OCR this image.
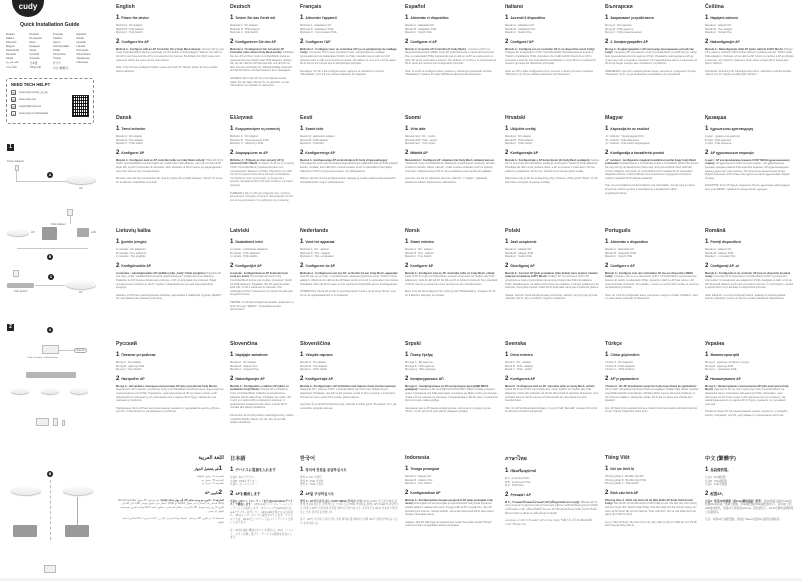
cudy
Quick Installation Guide
English	Deutsch	Français	Español
Italiano	Български	Čeština	Dansk
Ελληνικά	Eesti	Suomi	Hrvatski
Magyar	Қазақша	Lietuvių kalba	Latviski
Nederlands	Norsk	Polski	Português
Română	Русский	Slovenčina	Slovenščina
Srpski	Svenska	Türkçe	Українська
اللغة العربية	日本語	한국어	Indonesia
ภาษาไทย	Tiếng Việt	中文 (繁體字)
NEED TECH HELP?
✉	www.cudy.com/qr_cg_ap
◍	www.cudy.com
✉	support@cudy.com
⇩	www.cudy.com/download
1
Power Adapter
A
AP
PoE Adapter
AP	LAN
B
PoE Switch
C
AP
2	A
Cudy Controller or Mesh Router
Internet
B
English
1 Power the device
Method A : DC Adapter
Method B : PoE Adapter
Method C : PoE Switch
2 Configure the AP
Method A : Configure with an AP Controller (Or a Cudy Mesh device): Connect AP to your Cudy Controller/Mesh Device (optionally via the Switch or PoE Adapter). Wait for the LED on the AP to turn blue and the AP is connected to the internet. By default, the Wi-Fi name and password will be the same as the main device.
Note: If the AP was configured before, press and hold the "Reset" button for 2s to enable device adoption.
Deutsch
1 Setzen Sie das Gerät mit
Methode A : DC Adapter
Methode B : POE Adapter
Methode C : PoE Switch
2 Konfigurieren Sie den AP
Methode A : Konfigurieren Sie mit einem AP Controller (oder einem Cudy Mesh-Gerät): Schließen Sie den AP an Ihren Cudy Controller/Mesh-Gerät an (optional über den Switch oder POE Adapter). Warten Sie, bis die LED am AP blau leuchtet und der AP mit dem Internet verbunden ist. Standardmäßig entspricht der WLAN-Name und das Passwort dem Hauptgerät.
HINWEIS: Wenn der AP zuvor konfiguriert wurde, halten Sie die Taste "Reset" für 2s gedrückt, um die Übernahme von Geräten zu aktivieren.
Français
1 Alimenter l'appareil
Méthode A : Adaptateur DC
Méthode B : Adaptateur POE
Méthode C : Commutateur POE
2 Configurez l'AP
Méthode A : Configurer avec un contrôleur AP (ou un périphérique de maillage Cudy): Connectez l'AP à votre contrôleur Cudy / périphérique de maillage (éventuellement via l'adaptateur Switch ou PoE). Attendez que le LED sur l'AP devienne bleu et l'AP est connecté à Internet. Par défaut, le nom et le mot de passe Wi-Fi seront les mêmes que le périphérique principal.
Remarque: Si l'AP a été configuré avant, appuyez et maintenez le bouton "Réinitialiser" pour 2S pour activer l'adoption de l'appareil.
Español
1 Alimentar el dispositivo
Método A : Adaptador DC
Método B : Adaptador POE
Método C : Switch PoE
2 Configurar el AP
Método A: Conectar AP Controller (O Cudy Mesh) : Conecte el AP a su dispositivo/dispositivo MESH Cudy AP (opcionalmente a través del interruptor Poe o el adaptador POE). Esperando que el LED en el AP se vuelva azul, en decir, AP se ha conectado a Internet. Por defecto, el nombre y la contraseña de Wi-Fi serán los mismos que el dispositivo principal.
Nota: Si el AP se configuró antes, presione y mantenga presionado el botón "Restablecer" durante 2S para habilitar la adopción del dispositivo.
Italiano
1 Accendi il dispositivo
Metodo A : Adattatore DC
Metodo B : Adattatore Poe
Metodo C : Switch Poe
2 Configura l'AP
Metodo A : Configura con un controller AP (o un dispositivo mesh Cudy): Collega l'AP al dispositivo CUDY Controller/Mesh (facoltativamente tramite lo "Switch o l'adattatore POE). Attendere che il LED sull'AP diventi blu e l'AP è connesso a Internet. Per impostazione predefinita, il nome Wi-Fi e la password saranno gli stessi del dispositivo principale.
Nota: se l'AP è stato configurato prima, premere e tenere premuto il pulsante "Ripristina" per 2S per abilitare l'adozione del dispositivo.
Български
1 Захранване устройството
Метод A : DC адаптер
Метод B : POE адаптер
Метод C : POE превключвател
2 2. Конфигурирайте AP
Метод A : Конфигурирайте с AP контролер (или мрежово устройство Cudy): Свържете AP към вашето Cudy Controller/Mesh устройство (по избор чрез превключвателя или адаптер POE). Изчакайте светодиода на AP да стане син и AP е свързан с интернет. По подразбиране името и паролата на Wi-Fi ще бъдат същите като основното устройство.
ЗАБЕЛЕЖКА: Ако AP е конфигуриран преди, натиснете и задръжте бутона "Нулиране" за 2s, за да активирате приемането на устройство.
Čeština
1 Napájení zařízení
Metoda A : adaptér DC
Metoda B : Poe adaptér
Metoda C : Spínač Poe
2 Nakonfigurujte AP
Metoda A : Nakonfigurujte řadič AP (nebo zařízení CUDY Mesh): Připojte AP k vašemu zařízení CUDY/vášné zařízení (volitelně pomocí "Switch nebo PoE adaptéru). Počkejte, až se LED na AP změní na modrou a AP je připojen k internetu. Ve výchozím nastavení bude název a heslo Wi-Fi stejné jako hlavní zařízení.
Poznámka: Pokud byl AP nakonfigurován dříve, stiskněte a podržte tlačítko „Reset" pro 2S, abyste povolili přijetí zařízení.
Dansk
1 Tænd enheden
Metode A : DC adapter
Metode B : Poe adapter
Metode C : POE switch
2 Konfigurer AP
Metode A : Konfigurer med en AP controller (eller en Cudy Mesh enhed): Tilslut AP til din CUDY controller/Mesh enhed (valgfrit via "switch eller POE adapter). Vent på, at LED på AP bliver blå, og AP er forbundet til internettet. Som standard vil Wi-Fi navnet og adgangskoden være den samme som hovedenheden.
Bemærk: Hvis AP blev konfigureret før, skal du trykke på og holde knappen "Reset" for 2sme for at aktivere anskaffelse af enhed.
Ελληνικά
1 Ενεργοποιήστε τη συσκευή
Μέθοδος A : DC Adapter
Μέθοδος B : Προσαρμογέας POE
Μέθοδος C : Διακόπτης POE
2 Διαμορφώστε το AP
Μέθοδος A : Ρύθμιση με έναν ελεγκτή AP (ή συσκευή CUDY Mesh): Συνδέστε το AP με τη συσκευή CUDY Controller/Mesh (προαιρετικά μέσω του προσαρμογέα "Διακόπτη ή POE). Περιμένετε την LED στο AP να γυρίσει μπλε και το AP είναι συνδεδεμένο στο διαδίκτυο. Από προεπιλογή, το όνομα και ο κωδικός πρόσβασης Wi-Fi θα είναι τα ίδια με την κύρια συσκευή.
ΣΗΜΕΙΩΣΗ: Εάν το AP έχει ρυθμιστεί πριν, πατήστε και κρατήστε πατημένο το κουμπί "Επαναφορά" για 2S για να ενεργοποιήσετε την υιοθέτηση της συσκευής.
Eesti
1 Seade toite
Meetod A : alalisvoolu adapter
Meetod B : POE adapter
Meetod C : PoE lüliti
2 Konfigureerige AP
Meetod A : konfigureerige AP-kontrolleriga (või Cudy võrguseadmega): Ühendage AP oma Cudy kontrolleri/võrguseadmega (valikuliselt lüliti või PoE adapteri kaudu). Oodake, kuni LED AP-l muutub siniseks ja AP on ühendatud Internetiga. Vaikimisi on Wi-Fi nimi ja parool sama, mis põhiseadmel.
Märkus: Kui AP oli enne konfigureeritud, vajutage ja hoidke seadme kasutuselevõtu võimaldamiseks nuppu "Lähtestamine".
Suomi
1 Virta laite
Menetelmä A : DC : sovitin
Menetelmä B : PoE : sovitin
Menetelmä C : Poe: kytkin
2 Määritä AP
Menetelmä A : Konfiguroi AP -ohjaimen (tai Cudy Mesh -laitteen) kanssa: Yhdistä AP Cudy Controller/Mesh -laitteeseen (valinnaisesti "kytkimen tai PoE -sovittimen kautta). Odota, että AP: n LED muuttuu siniseksi ja AP on kytketty Internetiin. Oletusarvoisesti Wi-Fi-nimi ja salasana ovat samat kuin päälaite.
Huomaa: Jos AP on määritetty aiemmin, pidä 2S: n "nollaus" -painiketta painettuna laitteen käyttöönoton sallimiseksi.
Hrvatski
1 Uključite uređaj
Metoda A : DC adapter
Metoda B : POE adapter
Metoda C : POE Switch
2 Konfigurirajte AP
Metoda A : Konfigurirajte s AP kontrolerom (ili Cudy Mesh uređajem): Spojite AP na svoj Cudy kontroler/Mesh uređaj (po želji putem "Switch ili POE adaptera). Pričekajte da LED na AP postane plava, a AP je povezan s Internetom. Prema zadanim postavkama, Wi-Fi ime i lozinka bit će isti kao glavni uređaj.
Napomena: Ako je AP bio konfiguriran prije, pritisnite i držite gumb "Reset" za 2S kako biste omogućili usvajanje uređaja.
Magyar
1 Kapcsolja be az eszközt
„A" módszer : Tápegységgel (DC)
„B" módszer : PoE adapterrel
„C" módszer : PoE switch segítségével
2 Konfigurálja a hozzáférési pontot
„A" módszer : konfiguráció magával hozzáférési ponttal (vagy Cudy Mesh eszközzel): Csatlakoztassa a hozzáférési pontot a Cudy/Mesh eszközhöz (kívánt ha meg ami így az illeszpontot) Várja meg, amíg az eszközön lévő LED kék színnel világítani nem kezd, és a hozzáférési pont csatlakozik az internethez. Alapértelmezetten a Wi-Fi hálózat neve és jelszava megegyezik a központi eszköz megfelelő Wi-Fi hálózat adataival.
Tipp: Ha a hozzáférési pontot korábban már használták, nyomja meg és tartsa lenyomva a Reset gombot 2 másodpercig a konfiguráció újbóli engedélyezéséhez.
Қазақша
1 Құрылғыны қуаттандыру
A әдісі : тұрақты ток адаптері
B әдісі : PoE адаптері
C әдісі : PoE қосқышы
2 AP құрылғысын теңшеңіз
A әдісі : AP контроллерімен (немесе CUDY MESH құрылғысымен) теңшеу: AP құрылғысын CUDY контроллеріне / тор құрылғысына қосыңыз (қосқыш немесе PoE адаптері арқылы). AP құрылғысындағы жарық диоды көк түске ауысып, AP интернетке қосылғанша күтіңіз. Әдепкі бойынша, Wi-Fi атауы мен құпия сөз негізгі құрылғымен бірдей болады.
ЕСКЕРТПЕ: Егер AP бұрын теңшелген болса, құрылғыны қабылдауды қосу үшін RESET түймесін 2 секунд басып тұрыңыз.
Lietuvių kalba
1 Įjunkite įrenginį
A metodas : DC adapteris
B metodas : Poe adapteris
C metodas : Poe jungiklis
2 Konfigūruokite AP
A metodas : sukonfigūruokite AP valdiklio (arba „Cudy" tinklo įrenginio): Prijunkite AP prie savo „Cudy" valdiklio/tinklo įrenginio (pasirinktinai per "jungiklį arba poe adapterį). Palaukite, kol AP šviesos diodas taps mėlynas, o AP yra prijungtas prie interneto. Pagal numatytuosius nustatymus „Wi-Fi" vardas ir slaptažodis bus tas pats kaip pagrindinis įrenginys.
Pastaba: jei AP buvo sukonfigūruotas anksčiau, paspauskite ir palaikykite mygtuką „RESET" 2S, kad įgalintumėte prietaiso priėmimą.
Latviski
1 Nodarbiniet ierīci
A metode : Līdzstrāvas adapteris
B metode : POE adapteris
C metode : POE slēdzis
2 Konfigurējiet AP
A metode : konfigurēšana ar AP kontrolieri (vai cudy acs ierīci): Pievienojiet AP savai Cudy Controller/Mesh ierīcei (pēc izvēles, izmantojot "slēdzi vai POE adapteri). Pagaidiet, līdz AP gaismas diode kļūst zila, un AP ir savienots ar internetu. Pēc noklusējuma Wi-Fi nosaukums un parole būs tāda pati kā galvenā ierīce.
PIEZĪME: Ja AP tika konfigurēta iepriekš, nospiediet un turiet 2S pogu "RESET", lai iespējotu ierīces pieņemšanu.
Nederlands
1 Voed het apparaat
Methode A : DC : adapter
Methode B : Poe : adapter
Methode C : Poe -schakelaar
2 Configureer de AP
Methode A : Configureren met een AP -controller (of een Cudy Mesh -apparaat): Sluit AP aan op uw Cudy -controller/mesh -apparaat (optioneel via de "Switch of Poe adapter). Wacht tot de LED op de AP blauw wordt en de AP is verbonden met internet. Standaard zullen de Wi-Fi naam en het wachtwoord hetzelfde als het hoofdapparaat.
OPMERKING: Als de AP eerder is geconfigureerd, houdt u op de knop "Reset" voor 2s om de apparaatadoptie in te schakelen.
Norsk
1 Strøm enheten
Metode A : DC : adapter
Metode B : Poe : adapter
Metode C : Poe Switch
2 Konfigurer AP
Metode A : Konfigurer med en AP -kontroller (eller en Cudy Mesh -enhet): Koble til AP til Cudy Controller/Mesh -enheten (eventuelt via "Switch eller PoE -adapteren). Vent til LED på AP blir blå og AP er koblet til Internett. Som standard vil Wi-Fi-navnet og passordet være det samme som hovedenheten.
Merk: Hvis AP ble konfigurert før, trykk og hold "Tilbakestilling" -knappen for 2S for å aktivere adopsjon av enheter.
Polski
1 Zasil urządzenie
Metoda A : Adapter DC
Metoda B : adapter POE
Metoda C : Switch PoE
2 Skonfiguruj AP
Metoda A : Connect AP (jeśli posiadacie tylko funkcji sieci, możesz również połączyć urządzenie CUDY Mesh): Podłącz AP do kontrolera CUDY AP urządzenia w siatce (opcjonalnie za pomocą przełącznika PoE lub adaptera POE). Dziadkowanie, aż LED na AP zmieni się niebieski, a AP jest podłączony do Internetu. Domyślnie nazwa i hasło Wi-Fi będą takie same jak urządzenie główne.
Uwaga: Jeśli AP został skonfigurowany wcześniej, naciśnij i przytrzymaj przycisk „Resetuj" dla 2s, aby umożliwić przyjęcie urządzenia.
Português
1 Alimentar o dispositivo
Método A : Adaptador DC
Método B : adaptador POE
Método C : Switch POE
2 Configure o AP
Método A : Configure com um controlador AP (ou um dispositivo MESH Cudy): Conecte o AP ao seu dispositivo CUDY Controller/Mesh (opcionalmente através do switch ou adaptador POE). Aguarde o LED no AP ficar azul e o AP está conectado à Internet. Por padrão, o nome e a senha Wi-Fi serão os mesmos do dispositivo principal.
Nota: Se o AP foi configurado antes, pressione e segure o botão "Redefinir" para 2 s para ativar a adoção do dispositivo.
Română
1 Porniţi dispozitivul
Metoda A : Adaptor DC
Metoda B : Adaptor POE
Metoda C : comutator Poe
2 Configuraţi AP -ul
Metoda A : Configuraţi cu un controler AP (sau un dispozitiv de plasă cudy): Conectaţi AP la dispozitivul Controller/Mesh CUDY (opţional prin intermediul "comutatorului sau adaptorului POE). Aşteptaţi ca LED -ul de pe AP să devină albastru şi AP este conectat la Internet. În mod implicit, numele şi parola Wi-Fi vor fi aceleaşi cu dispozitivul principal.
Notă: Dacă AP -ul a fost configurat înainte, apăsaţi şi menţineţi apăsat butonul „Resetare" pentru 2s pentru a activa adoptarea dispozitivului.
Русский
1 Питание устройства
Метод A : DC Adapter
Метод B : адаптер POE
Метод C : Poe Switch
2 Настройте AP
Метод A : Настройка с помощью контроллера AP (или устройства Cudy Mesh): Подключите AP к своему устройству Cudy Controller/Mesh (необязательно через адаптер переключателя или POE). Подождите, пока светодиод на AP не станет синим, а AP подключается к Интернету. По умолчанию имя и пароль Wi-Fi будут такими же, как основное устройство.
Примечание: Если AP был настроен раньше, нажмите и удерживайте кнопку «Сброс» для 2S, чтобы включить усыновление устройства.
Slovenčina
1 Napájajte zariadenie
Metóda A : DC Adaptér
Metóda B : adaptér Poe
Metóda C : prepínač Poe
2 Nakonfigurujte AP
Metóda A : Konfigurácia s radičom AP (alebo so zariadením Cudy Mesh): Pripojte AP k zariadeniu Cudy Controller/Mesh (voliteľne prostredníctvom adaptéra Switch alebo Poe). Počkajte, kým LED v AP zmení na modrú a AP je pripojený k Internetu. V predvolenom nastavení bude názov a heslo Wi-Fi rovnaké ako hlavné zariadenie.
Poznámka: Ak bol AP predtým nakonfigurovaný, stlačte a podržte tlačidlo „Reset" pre 2S, aby ste povolili prijatie zariadenia.
Slovenščina
1 Vklopite napravo
Metoda A : DC adapter
Metoda B : Poe adapter
Metoda C : POE stikalo
2 Konfigurirajte AP
Metoda A : Konfigurirajte z AP krmilnikom (ali napravo Cudy mrežne naprave): Priključite AP v napravo CUDY Controller/Mesh (po izbiri prek "stikala ali poe adapterja). Počakajte, da LED na AP postane modra in AP je povezan z internetom. Privzeto bo ime in geslo Wi-Fi enako glavni napravi.
Opomba: Če je bil AP konfiguriran prej, pritisnite in držite gumb "Ponastavi" za 2, da omogočite sprejetje naprave.
Srpski
1 Повер Уређај
Метода А : ДЦ адаптер
Метода Б : ПоЕ адаптер
Метода Ц : ПоЕ прекидач
2 Конфигурисање АП
Метода А : Конфигурисање са АП контролером (или ЦУДИ МЕСХ уређајем): Повежите АП на ЦУДИ ЦОНТРОЛЛЕР / МЕСХ уређај (опционо преко "прекидача или ПоЕ адаптера). Сачекајте да ЛЕД на АП-у да постане плава и АП је повезан на Интернет. Подразумевано, Ви-Фи име и лозинка ће бити исти као главни уређај.
Напомена: Ако је АП раније конфигурисан, притисните и држите дугме "Ресет" за 2С да бисте омогућили усвајање уређаја.
Svenska
1 Driva enheten
Metod A : DC : adapter
Metod B : POE : adapter
Metod C : POE : switch
2 Konfigurera AP
Metod A : Konfigurera med en AP -styrenhet (eller en Cudy Mesh -enhet): Anslut AP till din CUDY styrenhet/mesh -enhet (valfritt via "Switch eller PoE adaptern). Vänta tills lysdioden på AP blir blå och AP är ansluten till Internet. Som standard kommer Wi-Fi-namnet och lösenordet att vara detsamma som huvudenheten.
Obs: Om AP konfigurerades tidigare, tryck och håll "Återställ" -knappen för 2s för att aktivera enhetens antagande.
Türkçe
1 Cihazı güçlendirin
Yöntem A : DC Adaptörü
Yöntem B : POE adaptörü
Yöntem C : POE anahtarı
2 AP'yi yapılandırın
Yöntem A : Bir AP denetleyicisi (veya bir Cudy örgü cihazı) ile yapılandırın: AP'yi CUDY denetleyicinize/örgü cihazınıza bağlayın (isteğe bağlı olarak "anahtar veya POE adaptörü aracılığıyla). AP'deki LED'in maviye dönmesini bekleyin ve AP internete bağlanır. Varsayılan olarak, Wi-Fi adı ve şifresi ana cihazla aynı olacaktır.
Not: AP daha önce yapılandırılmışsa, cihazın benimsenmesini etkinleştirmek için 2s için "Sıfırla" düğmesini basılı tutun.
Україна
1 Живити пристрій
Метод A : адаптер постійного струму
Метод B : адаптер POE
Метод C : перемикач POE
2 Налаштування AP
Метод A : Налаштування з контролером AP (або пристроєм Cudy Mesh): Підключіть AP до свого пристрою Cudy Controller/Mesh (за бажанням через "перемикач або адаптер POE). Зачекайте, поки світлодіод на AP стане синім, а AP підключається до Інтернету. За замовчуванням ім'я та пароль Wi-Fi будуть такими ж, як і основний пристрій.
Примітка: Якщо AP був налаштований раніше, натисніть і утримуйте кнопку "Скидання" для 2S, щоб увімкнути усиновлення пристрою.
اللغة العربية
1
قم بتشغيل الجهاز
الطريقة A : محول الطاقة
الطريقة B : محول بو
الطريقة C : تبديل بو
2
تكوين AP
الطريقة A : تكوين مع وحدة تحكم AP (أو جهاز شبكة cudy): قم بتوصيل AP بجهاز Mesh/Controller Cudy الخاص بك (اختياريًا عبر محول Switch أو POE). انتظر حتى يتحول مؤشر LED على AP إلى اللون الأزرق ويتم توصيل AP بالإنترنت. بشكل افتراضي، سيكون اسم Wi-Fi وكلمة المرور هو نفسه الجهاز الرئيسي.
ملاحظة: إذا تم تكوين AP من قبل، اضغط مع الاستمرار على زر "إعادة تعيين" لـ 2S لتمكين اعتماد الجهاز.
日本語
1 デバイスに電源を入れます
方法A : DCアダプター
方法B : POEアダプター
方法C : ポースイッチ
2 APを構成します
方法A : APコントローラー（またはCudy Meshデバイス）で構成します： APをcudyコントローラー/メッシュデバイスに接続します（オプションでswitchまたはpoeアダプターを介して）。APのLEDが青になるのを待ち、APはインターネットに接続されています。デフォルトでは、Wi-Fi名とパスワードはメインデバイスと同じになります。
注：APが以前に構成されていた場合は、2Sの「リセット」ボタンを押し続けて、デバイスの採用を有効にします。
한국어
1 장치에 전원을 공급하십시오
방법 A : DC 어댑터
방법 B : POE 어댑터
방법 C : POE 스위치
2 AP를 구성하십시오
방법 A : AP 컨트롤러 (또는 CUDY MESH 장치)로 구성: AP를 CUDY 컨트롤러/메쉬 장치에 연결하십시오 (선택적으로 스위치 또는 POE 어댑터를 통해). AP의 LED가 파란색으로 바뀌고 AP가 인터넷에 연결될 때까지 기다리십시오. 기본적으로 Wi-Fi 이름과 비밀번호는 기본 장치와 동일합니다.
참고 : AP가 이전에 구성된 경우 장치 채택을 활성화하기 위해 2S의 "재설정"버튼을 누르고 유지하십시오.
Indonesia
1 Tenaga perangkat
Metode A : Adaptor DC
Metode B : Adaptor Poe
Metode C : Poe Switch
2 Konfigurasikan AP
Metode A : Konfigurasikan dengan pengontrol AP (atau perangkat cudy mesh): Hubungkan AP ke perangkat pengontrol/mesh cudy Anda (opsional melalui adaptor "sakelar atau poe). Tunggu LED di AP menjadi biru, dan AP terhubung ke Internet. Secara default, nama dan kata sandi Wi-Fi akan sama dengan perangkat utama.
Catatan: Jika AP dikonfigurasi sebelumnya, tekan dan tahan tombol "Reset" untuk 2s untuk mengaktifkan adopsi perangkat.
ภาษาไทย
1 เปิดเครื่องอุปกรณ์
M A : อะแดปเตอร์ DC
M B : อะแดปเตอร์ Poe
M C : สวิตช์ Poe
2 กำหนดค่า AP
M A : กำหนดค่าด้วยคอนโทรลเลอร์ AP (หรืออุปกรณ์ตาข่าย cudy): เชื่อมต่อ AP กับคอนโทรลเลอร์ Cudy/อุปกรณ์ตาข่ายของคุณ (เลือกผ่านสวิตช์หรืออะแดปเตอร์ POE) รอให้ LED บน AP เปลี่ยนเป็นสีน้ำเงินและ AP เชื่อมต่อกับอินเทอร์เน็ต โดยค่าเริ่มต้นชื่อและรหัสผ่าน Wi-Fi จะเหมือนกับอุปกรณ์หลัก
หมายเหตุ: หากมีการกำหนดค่า AP มาก่อน กดปุ่ม "รีเซ็ต" ค้างไว้ 2S เพื่อเปิดใช้งานการรับอุปกรณ์
Tiếng Việt
1 Nối lực thiết bị
Phương pháp A : Bộ điều hợp DC
Phương pháp B : Bộ điều hợp POE
Phương pháp C : PoE Switch
2 Định cấu hình AP
Phương thức A : Định cấu hình với bộ điều khiển AP (hoặc thiết bị lưới Cudy): Kết nối AP với bộ điều khiển CUDY/thiết bị lưới của bạn (tùy chọn thông qua bộ chuyển đổi "Switch hoặc POE). Chờ đèn LED trên AP chuyển sang màu xanh và AP được kết nối với Internet. Theo mặc định, tên và mật khẩu Wi-Fi sẽ giống như thiết bị chính.
Lưu ý: Nếu AP được cấu hình trước đó, hãy nhấn và giữ nút "Đặt lại" cho 2S để kích hoạt áp dụng thiết bị.
中文 (繁體字)
1 為設備供電。
方法A : DC適配器
方法B : PoE適配器
方法C : PoE交換器
2 配置AP。
方法A : 使用AP控制器（或Cudy網格設備）配置： 將AP連接到您的Cudy控制器/Mesh設備（通過交換器、PoE適配器或PoE適配器均可）。等待AP上的LED變成藍色，然後AP已連接到Internet。默認情況下，Wi-Fi名稱和密碼將與主設備相同。
注意：如果AP之前配置過，請按住"Reset"按鈕2s以啟用設備採用。
